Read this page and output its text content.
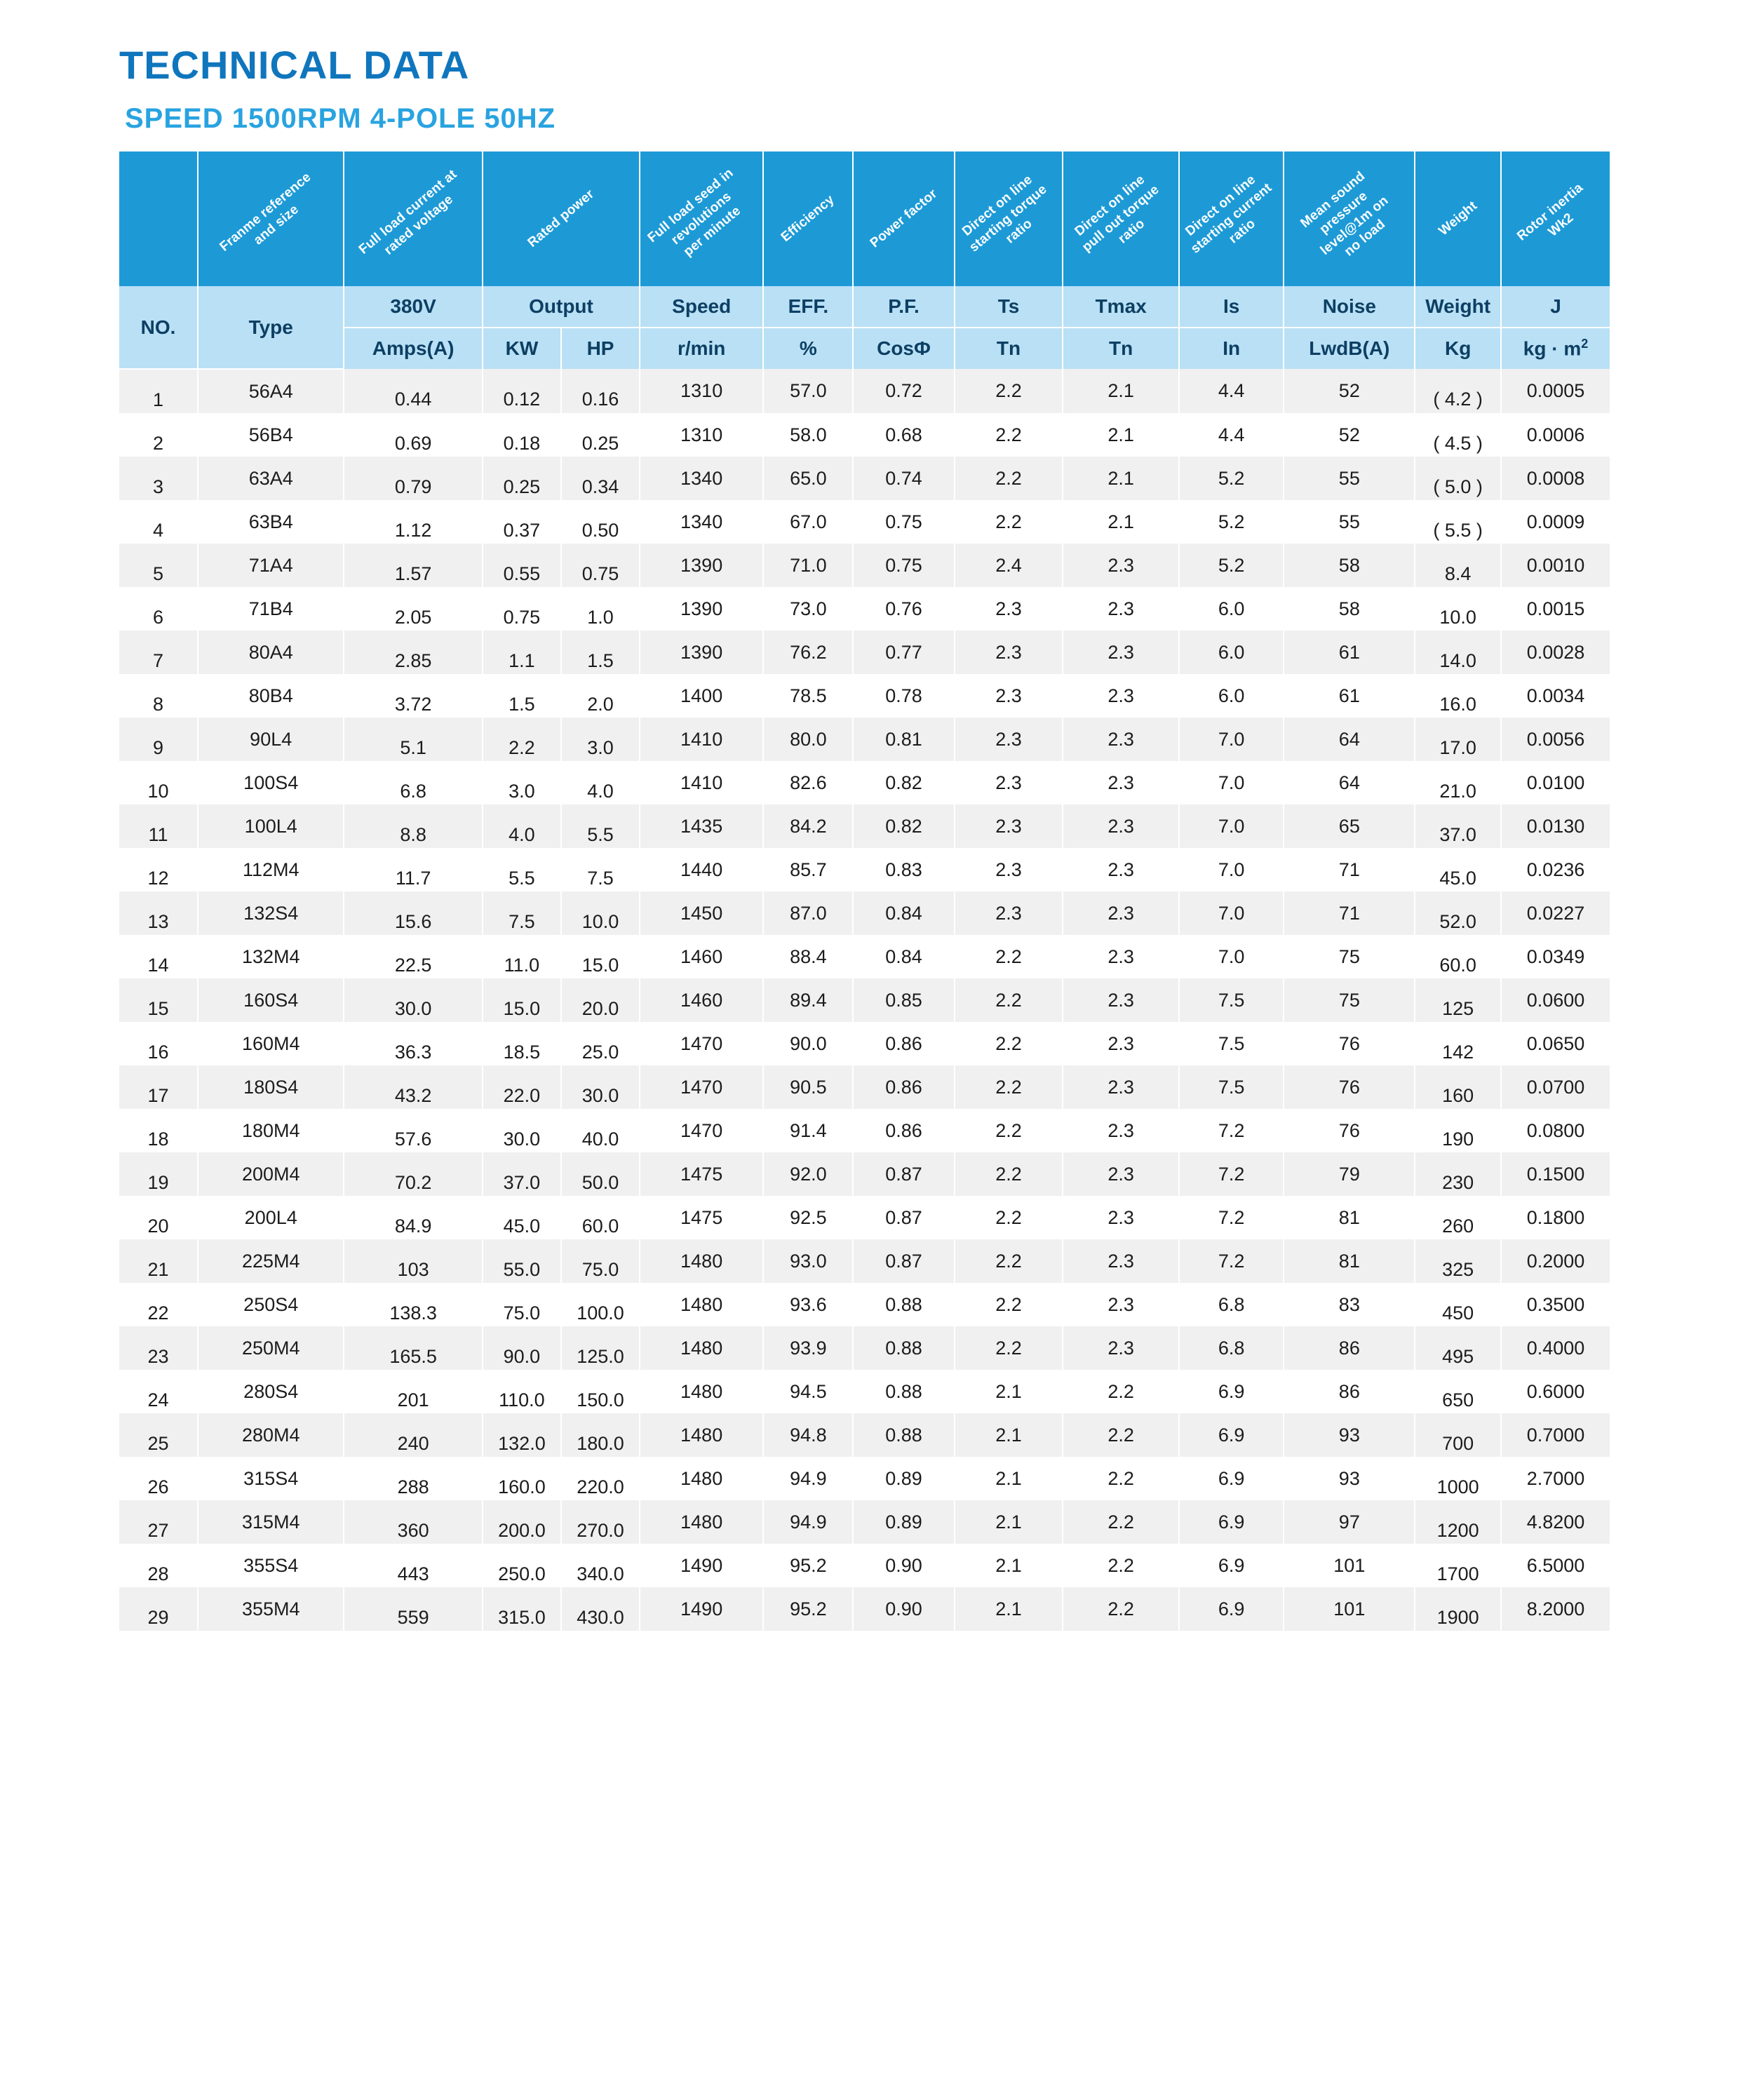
TECHNICAL DATA
SPEED 1500RPM 4-POLE 50HZ

	Franme reference
and size	Full load current at
rated voltage	Rated power		Full load seed in
revolutions
per minute	Efficiency	Power factor	Direct on line
starting torque
ratio	Direct on line
pull out torque
ratio	Direct on line
starting current
ratio	Mean sound
pressure
level@1m on
no load	Weight	Rotor inertia Wk2

NO.	Type	380V	Output		Speed	EFF.	P.F.	Ts	Tmax	Is	Noise	Weight	J
		Amps(A)	KW	HP	r/min	%	CosФ	Tn	Tn	In	LwdB(A)	Kg	kg · $m^2$
1	56A4	0.44	0.12	0.16	1310	57.0	0.72	2.2	2.1	4.4	52	( 4.2 )	0.0005
2	56B4	0.69	0.18	0.25	1310	58.0	0.68	2.2	2.1	4.4	52	( 4.5 )	0.0006
3	63A4	0.79	0.25	0.34	1340	65.0	0.74	2.2	2.1	5.2	55	( 5.0 )	0.0008
4	63B4	1.12	0.37	0.50	1340	67.0	0.75	2.2	2.1	5.2	55	( 5.5 )	0.0009
5	71A4	1.57	0.55	0.75	1390	71.0	0.75	2.4	2.3	5.2	58	8.4	0.0010
6	71B4	2.05	0.75	1.0	1390	73.0	0.76	2.3	2.3	6.0	58	10.0	0.0015
7	80A4	2.85	1.1	1.5	1390	76.2	0.77	2.3	2.3	6.0	61	14.0	0.0028
8	80B4	3.72	1.5	2.0	1400	78.5	0.78	2.3	2.3	6.0	61	16.0	0.0034
9	90L4	5.1	2.2	3.0	1410	80.0	0.81	2.3	2.3	7.0	64	17.0	0.0056
10	100S4	6.8	3.0	4.0	1410	82.6	0.82	2.3	2.3	7.0	64	21.0	0.0100
11	100L4	8.8	4.0	5.5	1435	84.2	0.82	2.3	2.3	7.0	65	37.0	0.0130
12	112M4	11.7	5.5	7.5	1440	85.7	0.83	2.3	2.3	7.0	71	45.0	0.0236
13	132S4	15.6	7.5	10.0	1450	87.0	0.84	2.3	2.3	7.0	71	52.0	0.0227
14	132M4	22.5	11.0	15.0	1460	88.4	0.84	2.2	2.3	7.0	75	60.0	0.0349
15	160S4	30.0	15.0	20.0	1460	89.4	0.85	2.2	2.3	7.5	75	125	0.0600
16	160M4	36.3	18.5	25.0	1470	90.0	0.86	2.2	2.3	7.5	76	142	0.0650
17	180S4	43.2	22.0	30.0	1470	90.5	0.86	2.2	2.3	7.5	76	160	0.0700
18	180M4	57.6	30.0	40.0	1470	91.4	0.86	2.2	2.3	7.2	76	190	0.0800
19	200M4	70.2	37.0	50.0	1475	92.0	0.87	2.2	2.3	7.2	79	230	0.1500
20	200L4	84.9	45.0	60.0	1475	92.5	0.87	2.2	2.3	7.2	81	260	0.1800
21	225M4	103	55.0	75.0	1480	93.0	0.87	2.2	2.3	7.2	81	325	0.2000
22	250S4	138.3	75.0	100.0	1480	93.6	0.88	2.2	2.3	6.8	83	450	0.3500
23	250M4	165.5	90.0	125.0	1480	93.9	0.88	2.2	2.3	6.8	86	495	0.4000
24	280S4	201	110.0	150.0	1480	94.5	0.88	2.1	2.2	6.9	86	650	0.6000
25	280M4	240	132.0	180.0	1480	94.8	0.88	2.1	2.2	6.9	93	700	0.7000
26	315S4	288	160.0	220.0	1480	94.9	0.89	2.1	2.2	6.9	93	1000	2.7000
27	315M4	360	200.0	270.0	1480	94.9	0.89	2.1	2.2	6.9	97	1200	4.8200
28	355S4	443	250.0	340.0	1490	95.2	0.90	2.1	2.2	6.9	101	1700	6.5000
29	355M4	559	315.0	430.0	1490	95.2	0.90	2.1	2.2	6.9	101	1900	8.2000
